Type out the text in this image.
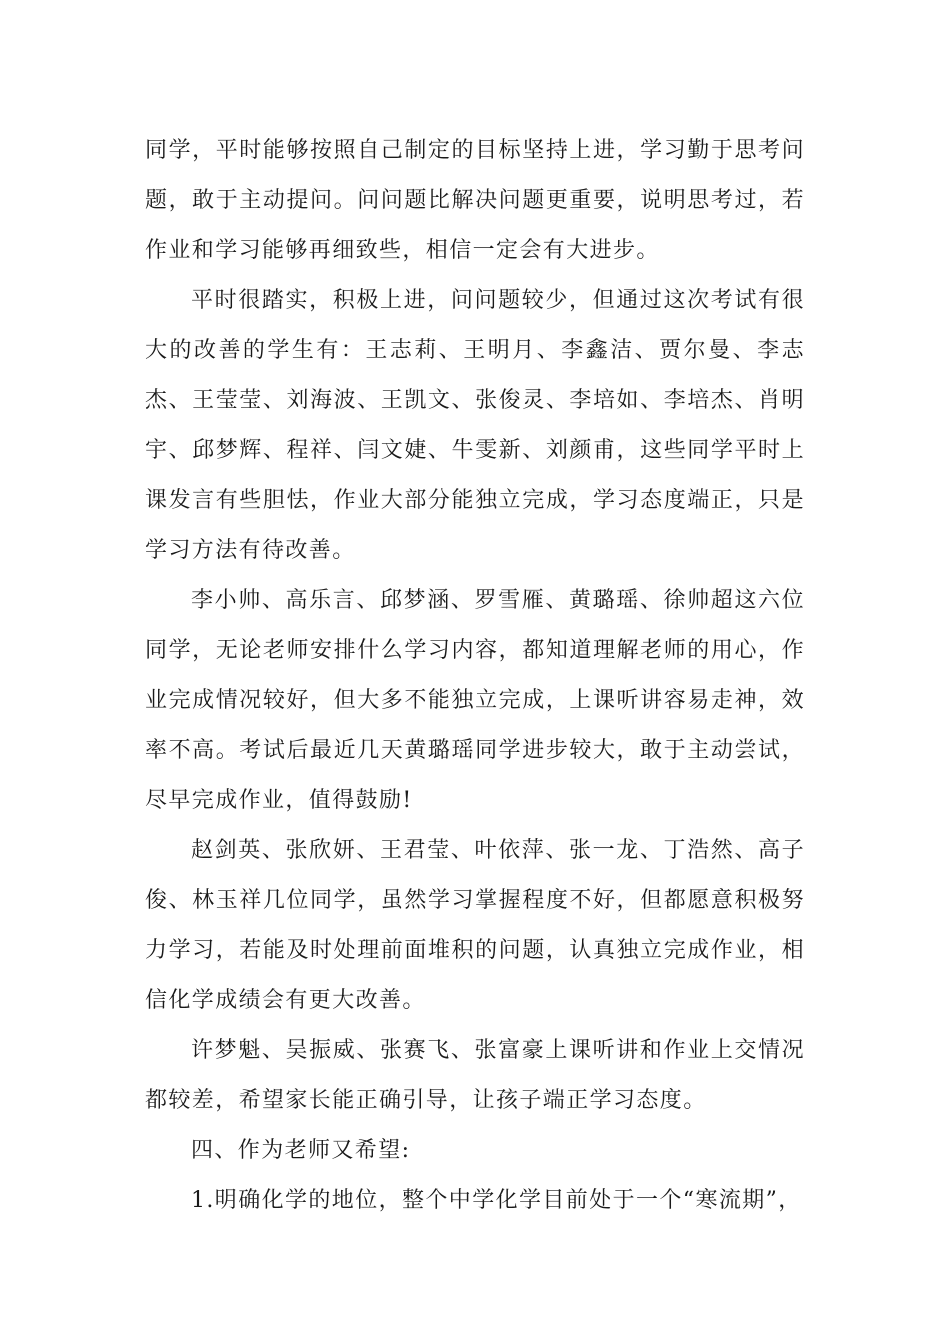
同学，平时能够按照自己制定的目标坚持上进，学习勤于思考问题，敢于主动提问。问问题比解决问题更重要，说明思考过，若作业和学习能够再细致些，相信一定会有大进步。

平时很踏实，积极上进，问问题较少，但通过这次考试有很大的改善的学生有：王志莉、王明月、李鑫洁、贾尔曼、李志杰、王莹莹、刘海波、王凯文、张俊灵、李培如、李培杰、肖明宇、邱梦辉、程祥、闫文婕、牛雯新、刘颜甫，这些同学平时上课发言有些胆怯，作业大部分能独立完成，学习态度端正，只是学习方法有待改善。

李小帅、高乐言、邱梦涵、罗雪雁、黄璐瑶、徐帅超这六位同学，无论老师安排什么学习内容，都知道理解老师的用心，作业完成情况较好，但大多不能独立完成，上课听讲容易走神，效率不高。考试后最近几天黄璐瑶同学进步较大，敢于主动尝试，尽早完成作业，值得鼓励!

赵剑英、张欣妍、王君莹、叶依萍、张一龙、丁浩然、高子俊、林玉祥几位同学，虽然学习掌握程度不好，但都愿意积极努力学习，若能及时处理前面堆积的问题，认真独立完成作业，相信化学成绩会有更大改善。

许梦魁、吴振威、张赛飞、张富豪上课听讲和作业上交情况都较差，希望家长能正确引导，让孩子端正学习态度。

四、作为老师又希望:

1.明确化学的地位，整个中学化学目前处于一个“寒流期”，
